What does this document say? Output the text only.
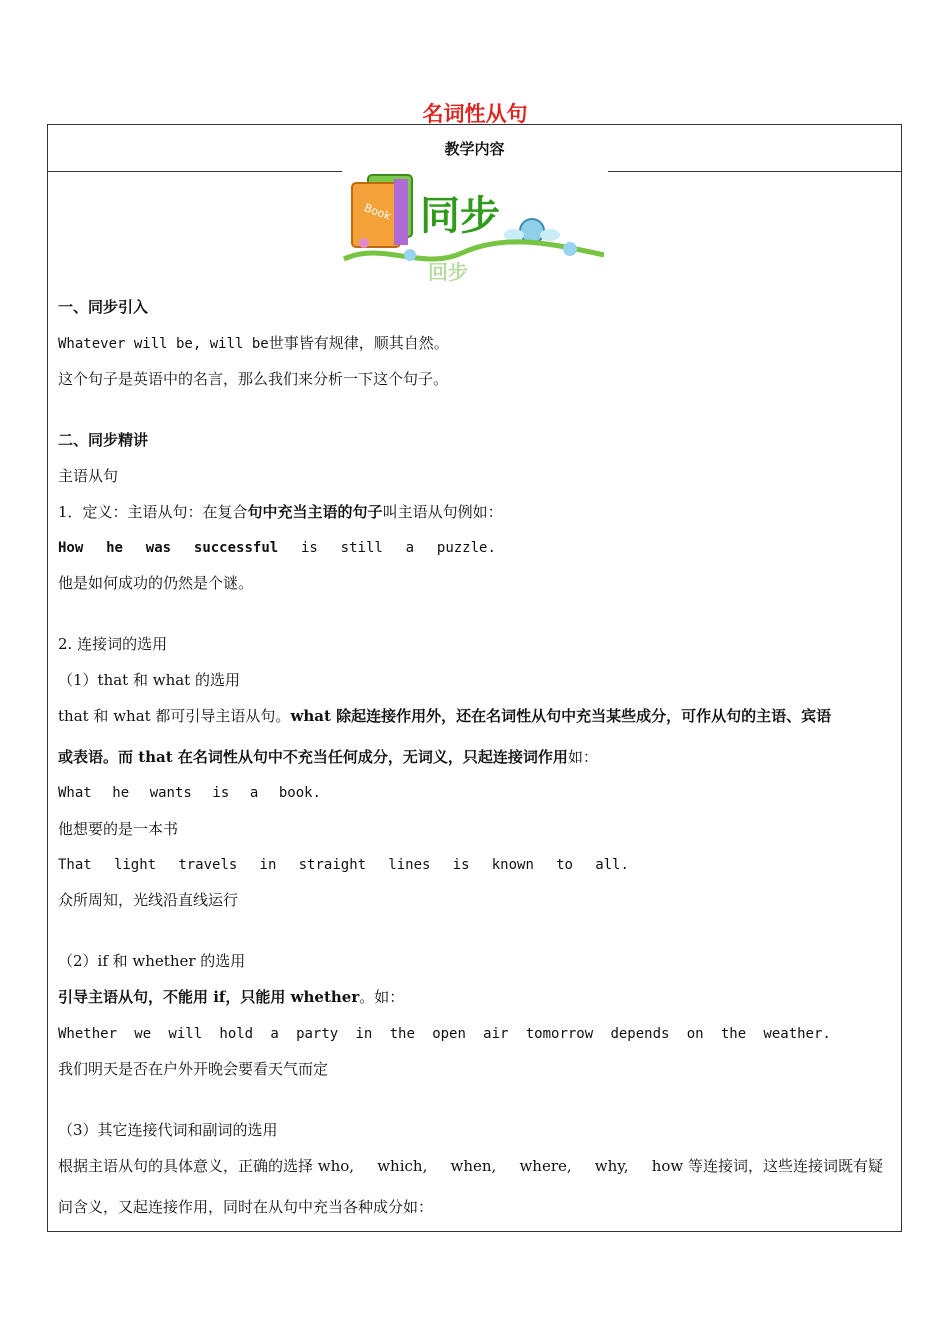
名词性从句
教学内容
Book 同步
回步
一、同步引入
Whatever will be, will be世事皆有规律，顺其自然。
这个句子是英语中的名言，那么我们来分析一下这个句子。
二、同步精讲
主语从句
1．定义：主语从句：在复合句中充当主语的句子叫主语从句例如：
How he was successful is still a puzzle.
他是如何成功的仍然是个谜。
2. 连接词的选用
（1）that 和 what 的选用
that 和 what 都可引导主语从句。what 除起连接作用外，还在名词性从句中充当某些成分，可作从句的主语、宾语
或表语。而 that 在名词性从句中不充当任何成分，无词义，只起连接词作用如：
What he wants is a book.
他想要的是一本书
That light travels in straight lines is known to all.
众所周知，光线沿直线运行
（2）if 和 whether 的选用
引导主语从句，不能用 if，只能用 whether。如：
Whether we will hold a party in the open air tomorrow depends on the weather.
我们明天是否在户外开晚会要看天气而定
（3）其它连接代词和副词的选用
根据主语从句的具体意义，正确的选择 who, which, when, where, why, how 等连接词，这些连接词既有疑
问含义，又起连接作用，同时在从句中充当各种成分如：
